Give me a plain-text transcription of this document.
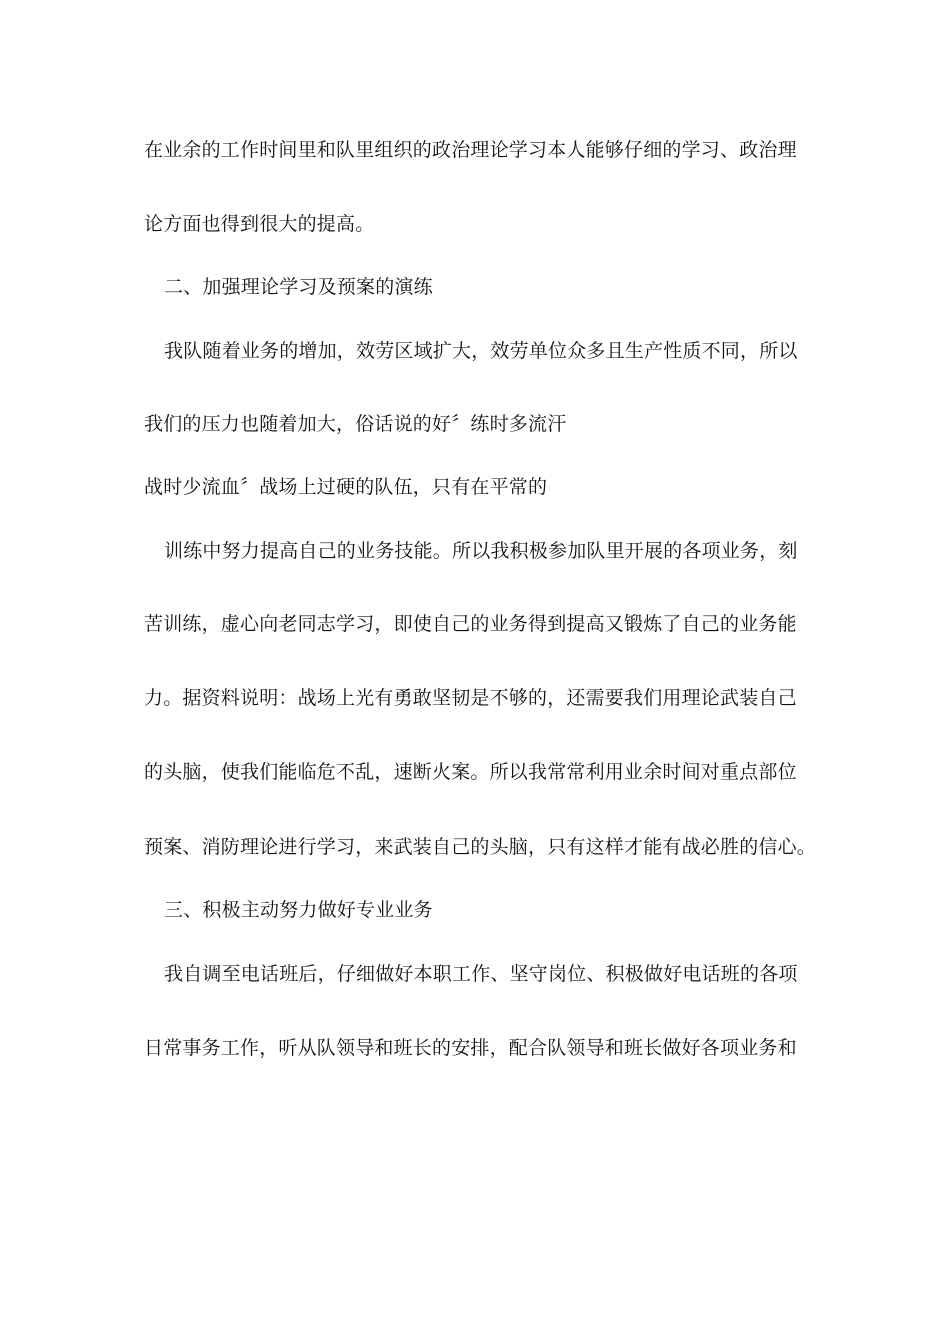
在业余的工作时间里和队里组织的政治理论学习本人能够仔细的学习、政治理
论方面也得到很大的提高。
二、加强理论学习及预案的演练
我队随着业务的增加，效劳区域扩大，效劳单位众多且生产性质不同，所以
我们的压力也随着加大，俗话说的好〞练时多流汗
战时少流血〞战场上过硬的队伍，只有在平常的
训练中努力提高自己的业务技能。所以我积极参加队里开展的各项业务，刻
苦训练，虚心向老同志学习，即使自己的业务得到提高又锻炼了自己的业务能
力。据资料说明：战场上光有勇敢坚韧是不够的，还需要我们用理论武装自己
的头脑，使我们能临危不乱，速断火案。所以我常常利用业余时间对重点部位
预案、消防理论进行学习，来武装自己的头脑，只有这样才能有战必胜的信心。
三、积极主动努力做好专业业务
我自调至电话班后，仔细做好本职工作、坚守岗位、积极做好电话班的各项
日常事务工作，听从队领导和班长的安排，配合队领导和班长做好各项业务和
